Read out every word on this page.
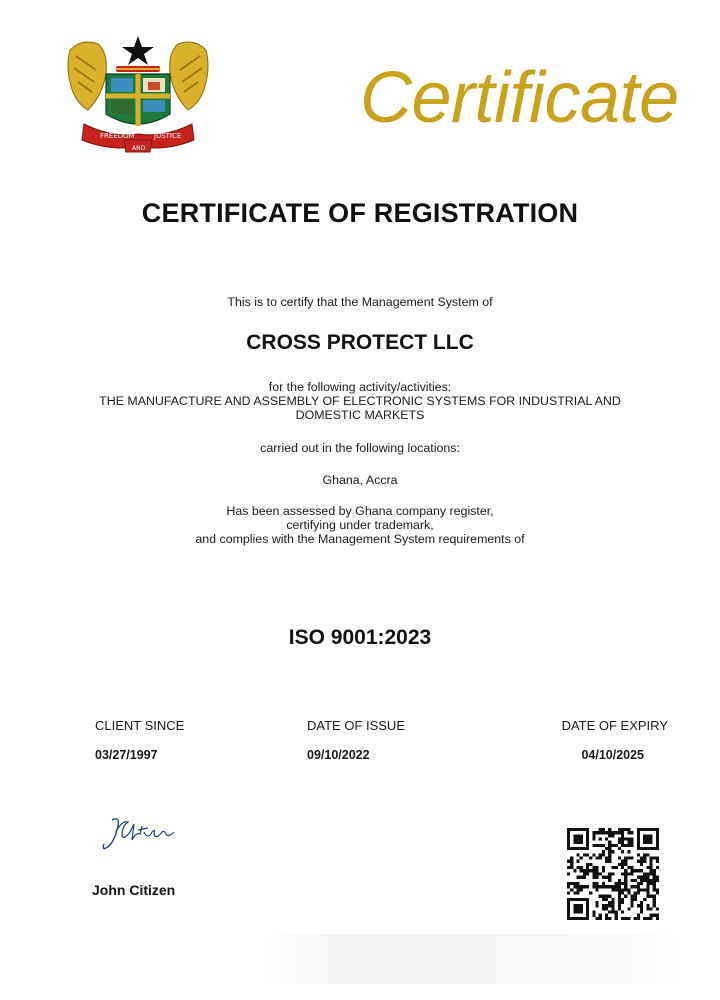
FREEDOM
AND
JUSTICE Certificate
CERTIFICATE OF REGISTRATION
This is to certify that the Management System of
CROSS PROTECT LLC
for the following activity/activities:
THE MANUFACTURE AND ASSEMBLY OF ELECTRONIC SYSTEMS FOR INDUSTRIAL AND
DOMESTIC MARKETS
carried out in the following locations:
Ghana, Accra
Has been assessed by Ghana company register,
certifying under trademark,
and complies with the Management System requirements of
ISO 9001:2023
CLIENT SINCE
03/27/1997
DATE OF ISSUE
09/10/2022
DATE OF EXPIRY
04/10/2025
John Citizen
